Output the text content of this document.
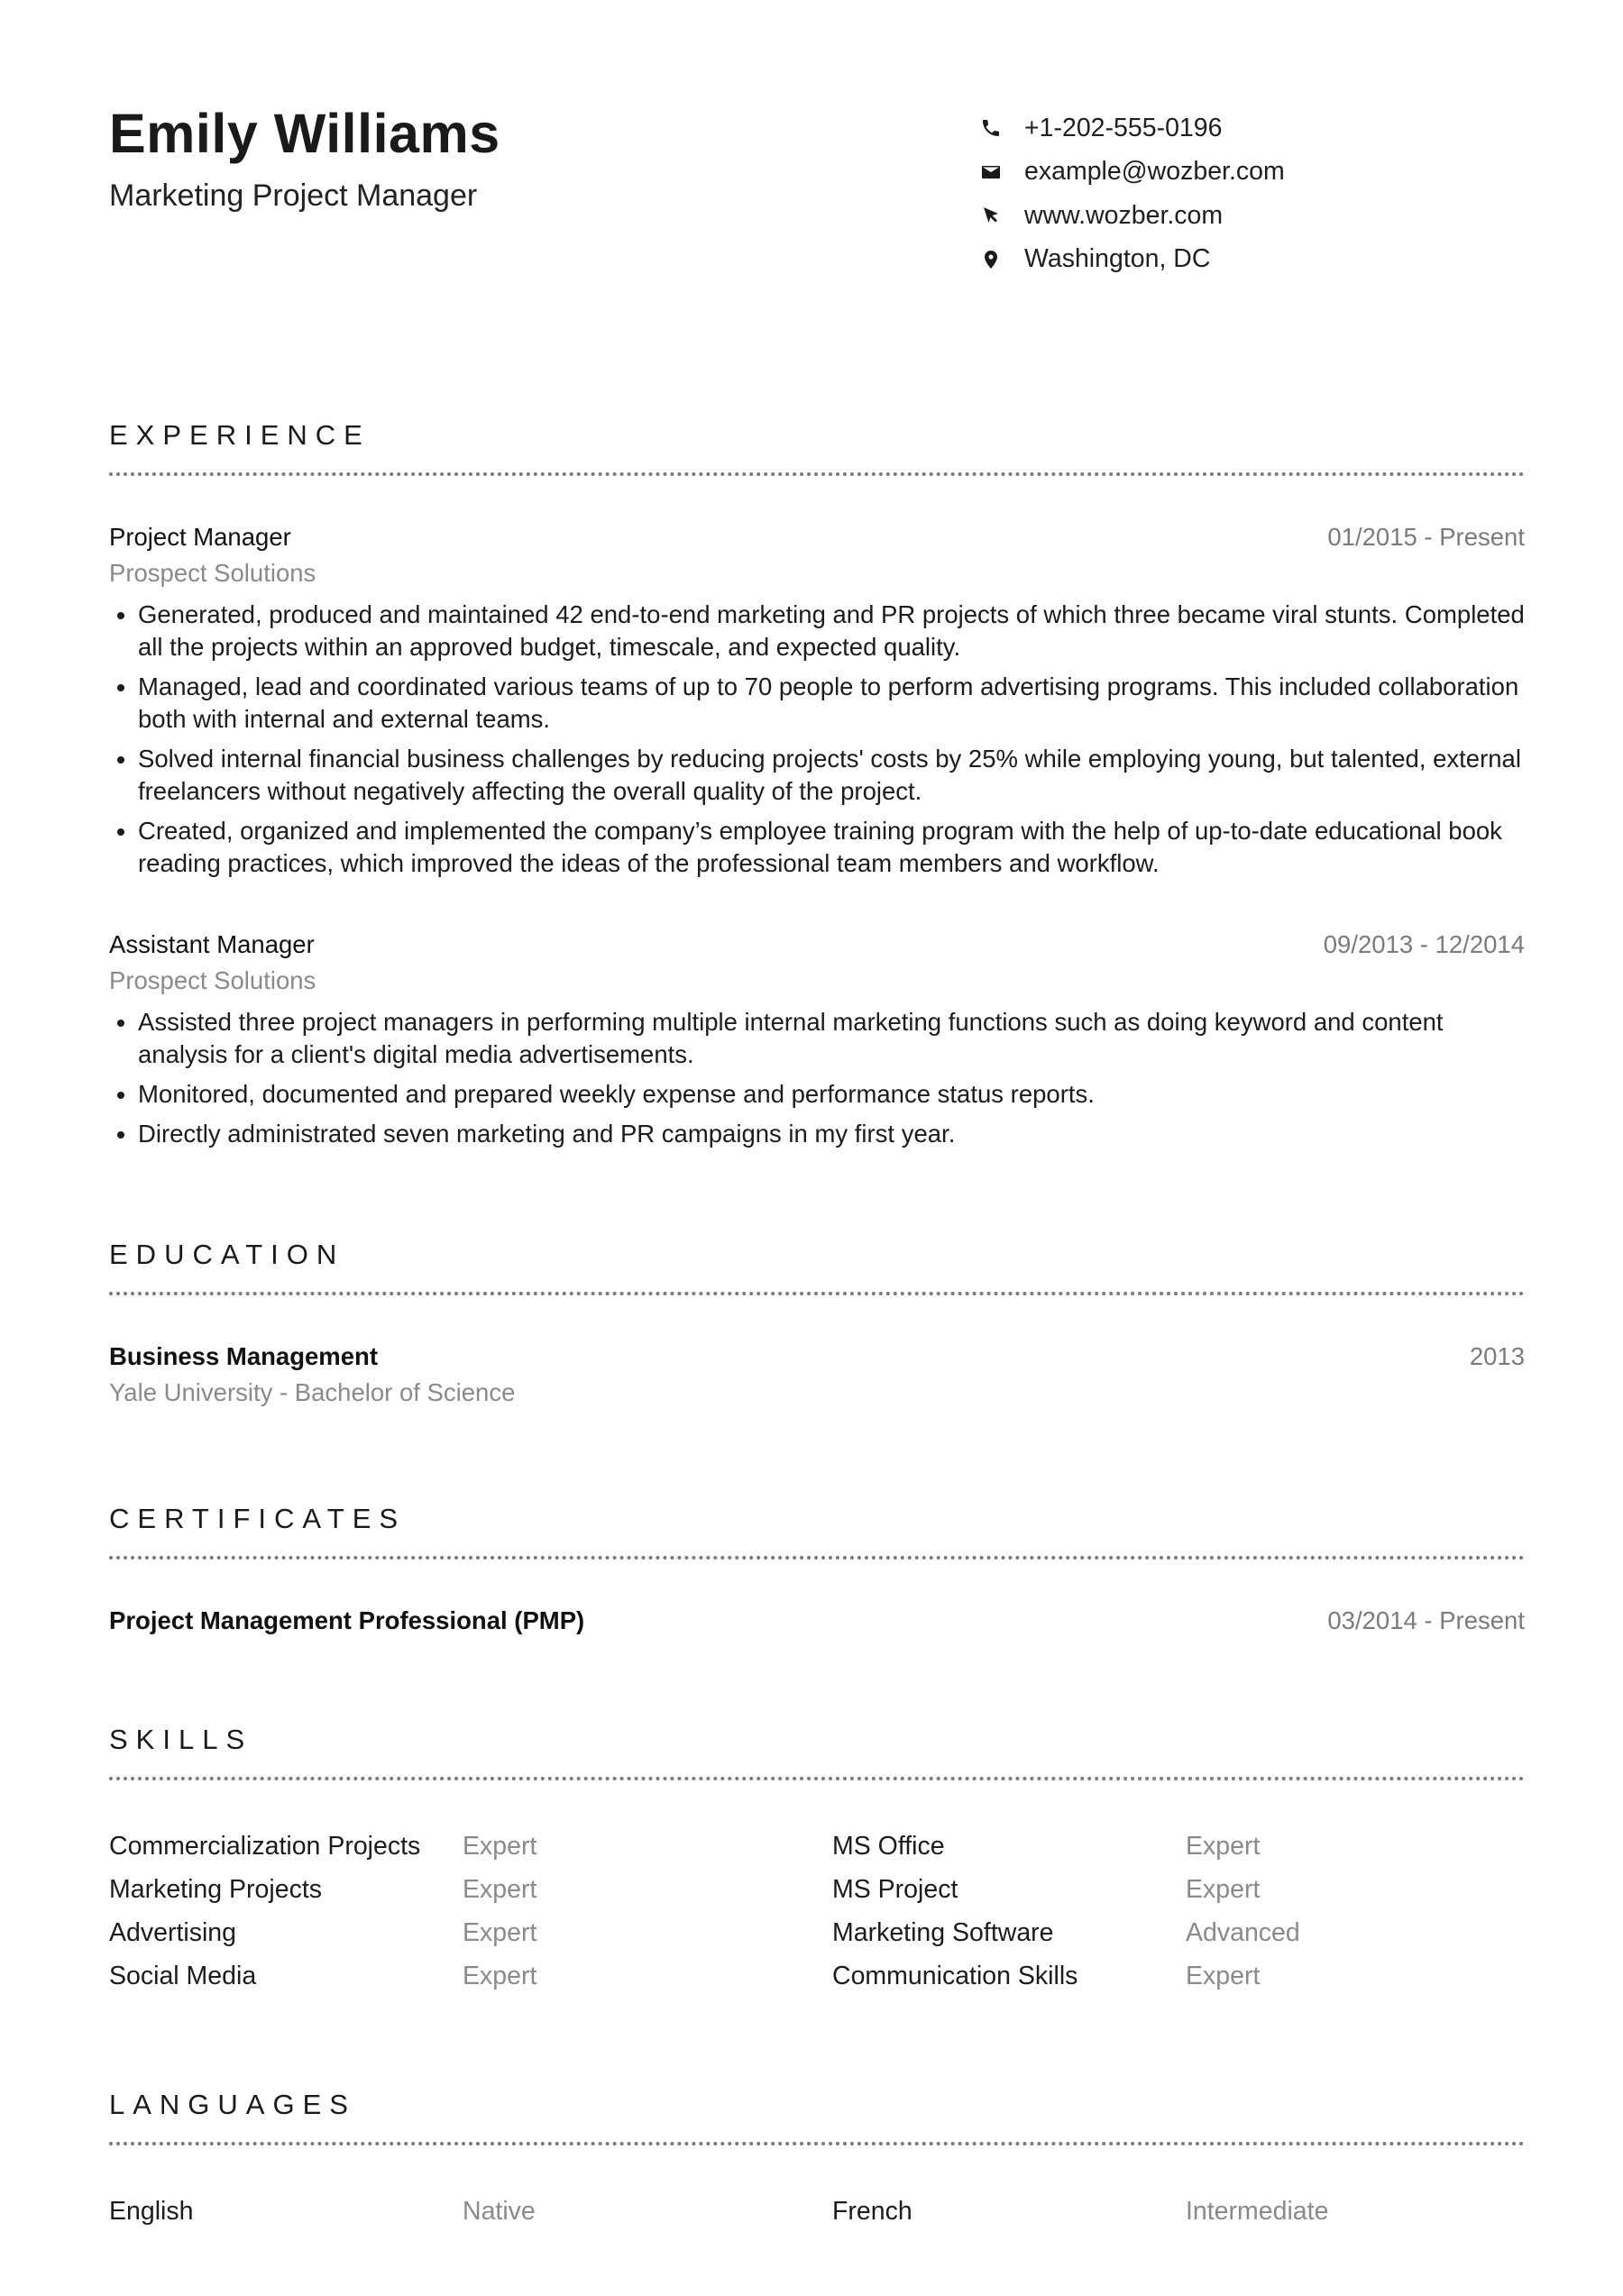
Emily Williams
Marketing Project Manager
+1-202-555-0196
example@wozber.com
www.wozber.com
Washington, DC
EXPERIENCE
Project Manager	01/2015 - Present
Prospect Solutions
• Generated, produced and maintained 42 end-to-end marketing and PR projects of which three became viral stunts. Completed all the projects within an approved budget, timescale, and expected quality.
• Managed, lead and coordinated various teams of up to 70 people to perform advertising programs. This included collaboration both with internal and external teams.
• Solved internal financial business challenges by reducing projects' costs by 25% while employing young, but talented, external freelancers without negatively affecting the overall quality of the project.
• Created, organized and implemented the company’s employee training program with the help of up-to-date educational book reading practices, which improved the ideas of the professional team members and workflow.
Assistant Manager	09/2013 - 12/2014
Prospect Solutions
• Assisted three project managers in performing multiple internal marketing functions such as doing keyword and content analysis for a client's digital media advertisements.
• Monitored, documented and prepared weekly expense and performance status reports.
• Directly administrated seven marketing and PR campaigns in my first year.
EDUCATION
Business Management	2013
Yale University - Bachelor of Science
CERTIFICATES
Project Management Professional (PMP)	03/2014 - Present
SKILLS
Commercialization Projects	Expert	MS Office	Expert
Marketing Projects	Expert	MS Project	Expert
Advertising	Expert	Marketing Software	Advanced
Social Media	Expert	Communication Skills	Expert
LANGUAGES
English	Native	French	Intermediate
